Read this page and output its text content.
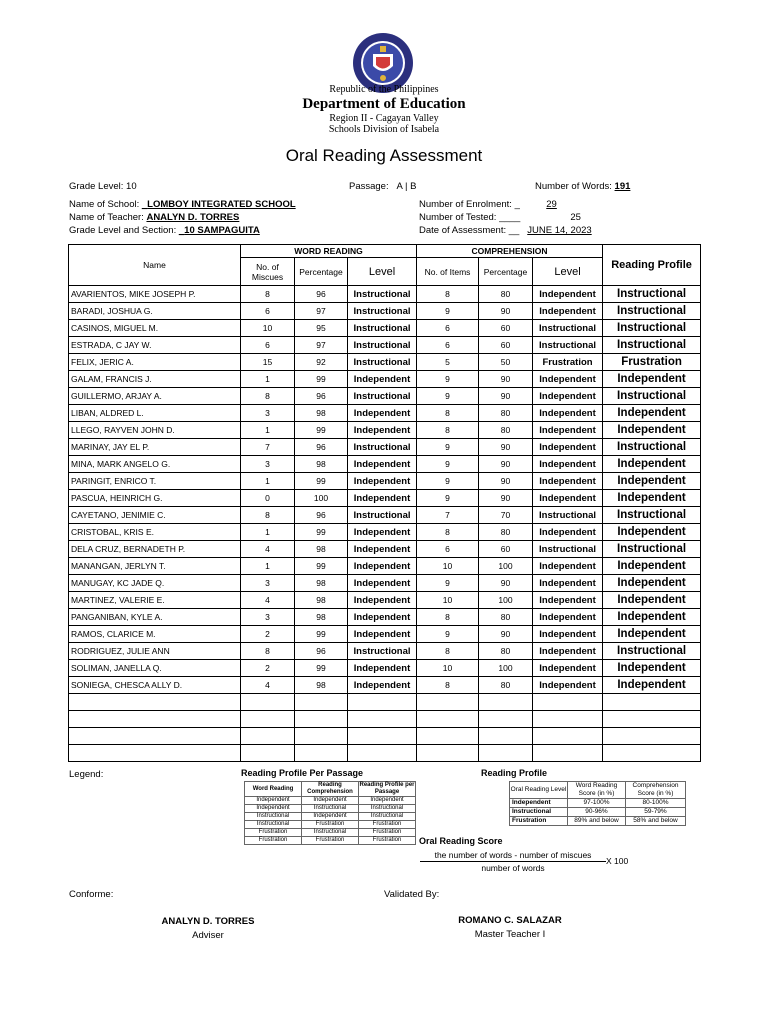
Republic of the Philippines
Department of Education
Region II - Cagayan Valley
Schools Division of Isabela
Oral Reading Assessment
Grade Level: 10	Passage: A | B	Number of Words: 191
Name of School: _LOMBOY INTEGRATED SCHOOL
Name of Teacher: ANALYN D. TORRES
Grade Level and Section: _10 SAMPAGUITA
Number of Enrolment: _          29
Number of Tested: ____                   25
Date of Assessment: __   JUNE 14, 2023
Name	WORD READING			COMPREHENSION			Reading Profile
	No. of Miscues	Percentage	Level	No. of Items	Percentage	Level	
AVARIENTOS, MIKE JOSEPH P.	8	96	Instructional	8	80	Independent	Instructional
BARADI, JOSHUA G.	6	97	Instructional	9	90	Independent	Instructional
CASINOS, MIGUEL M.	10	95	Instructional	6	60	Instructional	Instructional
ESTRADA, C JAY W.	6	97	Instructional	6	60	Instructional	Instructional
FELIX, JERIC A.	15	92	Instructional	5	50	Frustration	Frustration
GALAM, FRANCIS J.	1	99	Independent	9	90	Independent	Independent
GUILLERMO, ARJAY A.	8	96	Instructional	9	90	Independent	Instructional
LIBAN, ALDRED L.	3	98	Independent	8	80	Independent	Independent
LLEGO, RAYVEN JOHN D.	1	99	Independent	8	80	Independent	Independent
MARINAY, JAY EL P.	7	96	Instructional	9	90	Independent	Instructional
MINA, MARK ANGELO G.	3	98	Independent	9	90	Independent	Independent
PARINGIT, ENRICO T.	1	99	Independent	9	90	Independent	Independent
PASCUA, HEINRICH G.	0	100	Independent	9	90	Independent	Independent
CAYETANO, JENIMIE C.	8	96	Instructional	7	70	Instructional	Instructional
CRISTOBAL, KRIS E.	1	99	Independent	8	80	Independent	Independent
DELA CRUZ, BERNADETH P.	4	98	Independent	6	60	Instructional	Instructional
MANANGAN, JERLYN T.	1	99	Independent	10	100	Independent	Independent
MANUGAY, KC JADE Q.	3	98	Independent	9	90	Independent	Independent
MARTINEZ, VALERIE E.	4	98	Independent	10	100	Independent	Independent
PANGANIBAN, KYLE A.	3	98	Independent	8	80	Independent	Independent
RAMOS, CLARICE M.	2	99	Independent	9	90	Independent	Independent
RODRIGUEZ, JULIE ANN	8	96	Instructional	8	80	Independent	Instructional
SOLIMAN, JANELLA Q.	2	99	Independent	10	100	Independent	Independent
SONIEGA, CHESCA ALLY D.	4	98	Independent	8	80	Independent	Independent

Legend:	Reading Profile Per Passage
Word Reading	Reading Comprehension	Reading Profile per Passage
Independent	Independent	Independent
Independent	Instructional	Instructional
Instructional	Independent	Instructional
Instructional	Frustration	Frustration
Frustration	Instructional	Frustration
Frustration	Frustration	Frustration
Reading Profile
Oral Reading Level	Word Reading Score (in %)	Comprehension Score (in %)
Independent	97-100%	80-100%
Instructional	90-96%	59-79%
Frustration	89% and below	58% and below
Oral Reading Score
the number of words - number of miscues
X 100
number of words
Conforme:	Validated By:
ANALYN D. TORRES
Adviser
ROMANO C. SALAZAR
Master Teacher I
